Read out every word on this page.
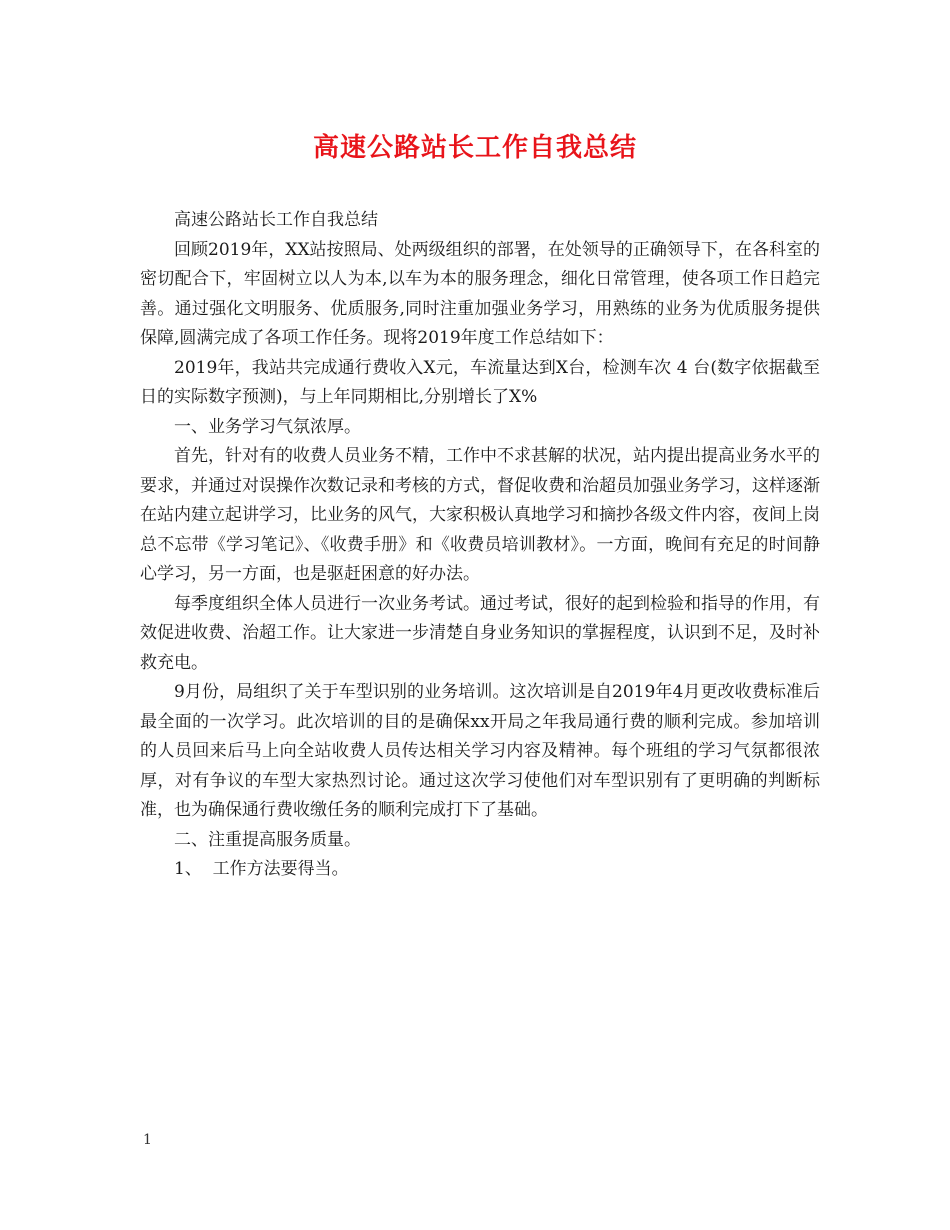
高速公路站长工作自我总结

高速公路站长工作自我总结

回顾2019年，XX站按照局、处两级组织的部署，在处领导的正确领导下，在各科室的密切配合下，牢固树立以人为本,以车为本的服务理念，细化日常管理，使各项工作日趋完善。通过强化文明服务、优质服务,同时注重加强业务学习，用熟练的业务为优质服务提供保障,圆满完成了各项工作任务。现将2019年度工作总结如下：

2019年，我站共完成通行费收入X元，车流量达到X台，检测车次 4 台(数字依据截至 日的实际数字预测)，与上年同期相比,分别增长了X%

一、业务学习气氛浓厚。

首先，针对有的收费人员业务不精，工作中不求甚解的状况，站内提出提高业务水平的要求，并通过对误操作次数记录和考核的方式，督促收费和治超员加强业务学习，这样逐渐在站内建立起讲学习，比业务的风气，大家积极认真地学习和摘抄各级文件内容，夜间上岗总不忘带《学习笔记》、《收费手册》和《收费员培训教材》。一方面，晚间有充足的时间静心学习，另一方面，也是驱赶困意的好办法。

每季度组织全体人员进行一次业务考试。通过考试，很好的起到检验和指导的作用，有效促进收费、治超工作。让大家进一步清楚自身业务知识的掌握程度，认识到不足，及时补救充电。

9月份，局组织了关于车型识别的业务培训。这次培训是自2019年4月更改收费标准后最全面的一次学习。此次培训的目的是确保xx开局之年我局通行费的顺利完成。参加培训的人员回来后马上向全站收费人员传达相关学习内容及精神。每个班组的学习气氛都很浓厚，对有争议的车型大家热烈讨论。通过这次学习使他们对车型识别有了更明确的判断标准，也为确保通行费收缴任务的顺利完成打下了基础。

二、注重提高服务质量。

1、  工作方法要得当。

1
